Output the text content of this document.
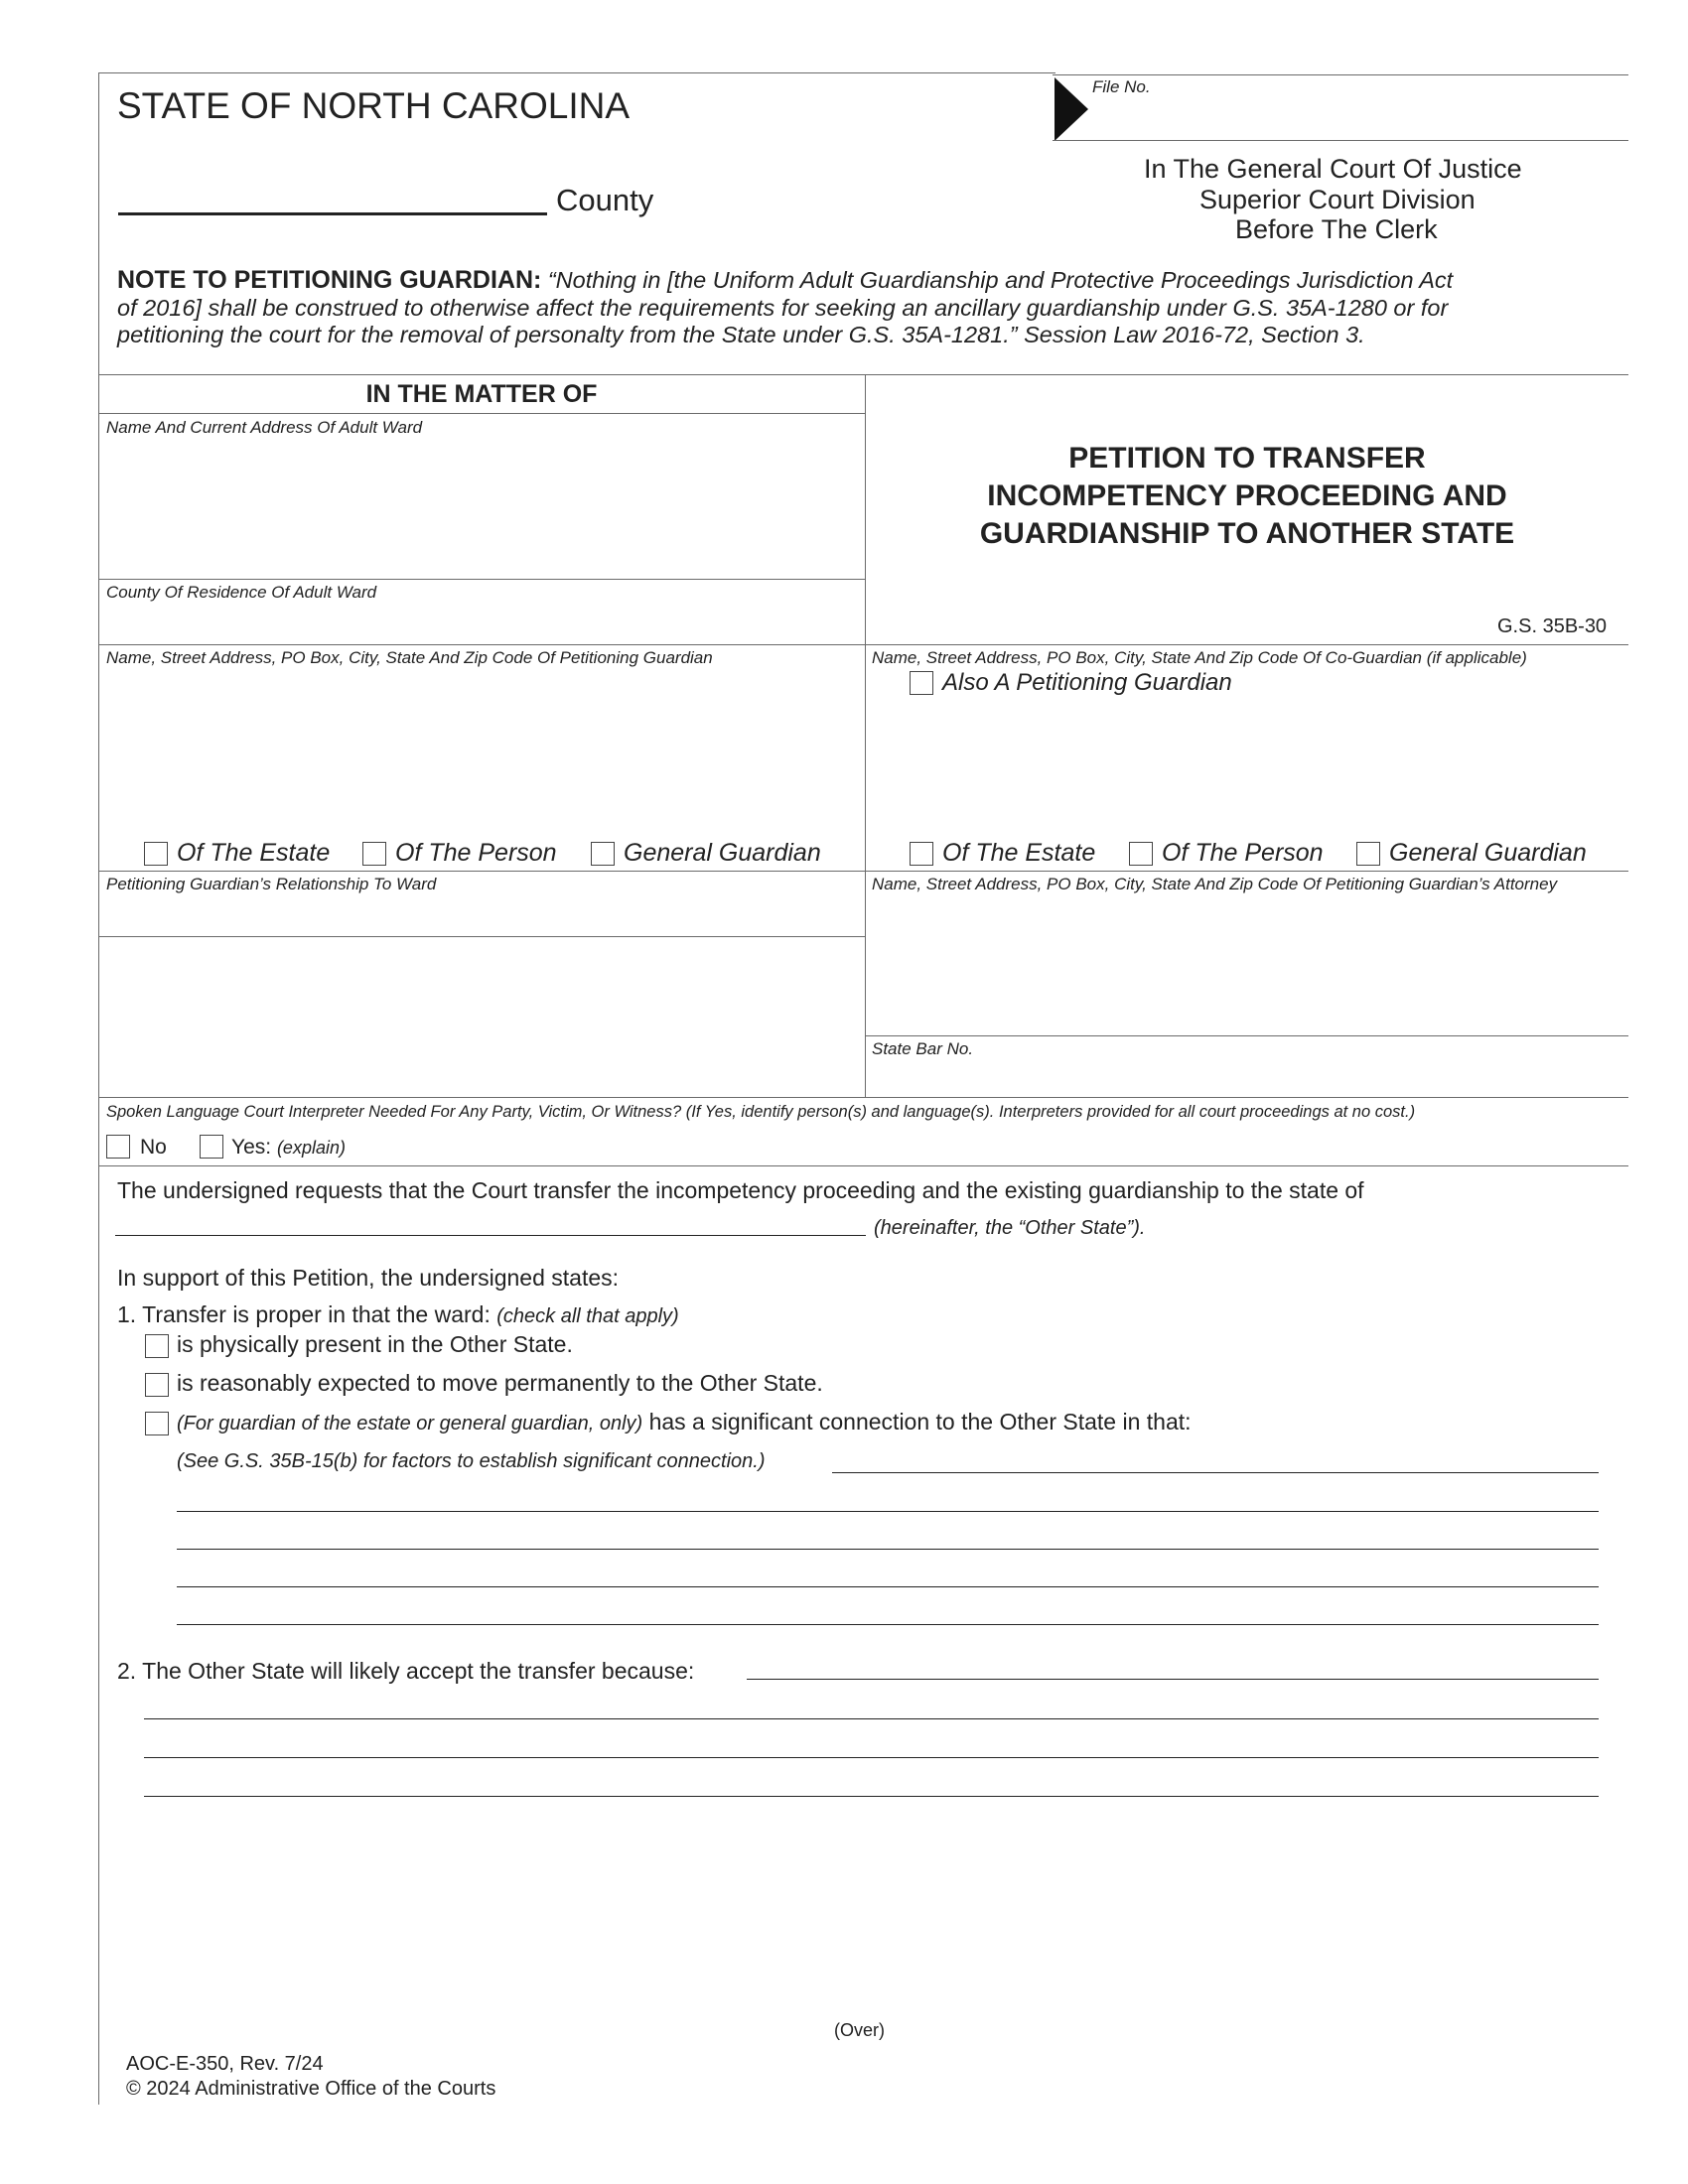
STATE OF NORTH CAROLINA
County
File No.
In The General Court Of Justice
Superior Court Division
Before The Clerk
NOTE TO PETITIONING GUARDIAN: “Nothing in [the Uniform Adult Guardianship and Protective Proceedings Jurisdiction Act
of 2016] shall be construed to otherwise affect the requirements for seeking an ancillary guardianship under G.S. 35A-1280 or for
petitioning the court for the removal of personalty from the State under G.S. 35A-1281.” Session Law 2016-72, Section 3.
IN THE MATTER OF
Name And Current Address Of Adult Ward
County Of Residence Of Adult Ward
PETITION TO TRANSFER
INCOMPETENCY PROCEEDING AND
GUARDIANSHIP TO ANOTHER STATE
G.S. 35B-30
Name, Street Address, PO Box, City, State And Zip Code Of Petitioning Guardian	Name, Street Address, PO Box, City, State And Zip Code Of Co-Guardian (if applicable)
Also A Petitioning Guardian
Of The Estate	Of The Person	General Guardian	Of The Estate	Of The Person	General Guardian
Petitioning Guardian’s Relationship To Ward	Name, Street Address, PO Box, City, State And Zip Code Of Petitioning Guardian’s Attorney
State Bar No.
Spoken Language Court Interpreter Needed For Any Party, Victim, Or Witness? (If Yes, identify person(s) and language(s). Interpreters provided for all court proceedings at no cost.)
No	Yes: (explain)
The undersigned requests that the Court transfer the incompetency proceeding and the existing guardianship to the state of
(hereinafter, the “Other State”).
In support of this Petition, the undersigned states:
1. Transfer is proper in that the ward: (check all that apply)
is physically present in the Other State.
is reasonably expected to move permanently to the Other State.
(For guardian of the estate or general guardian, only) has a significant connection to the Other State in that:
(See G.S. 35B-15(b) for factors to establish significant connection.)
2. The Other State will likely accept the transfer because:
(Over)
AOC-E-350, Rev. 7/24
© 2024 Administrative Office of the Courts
